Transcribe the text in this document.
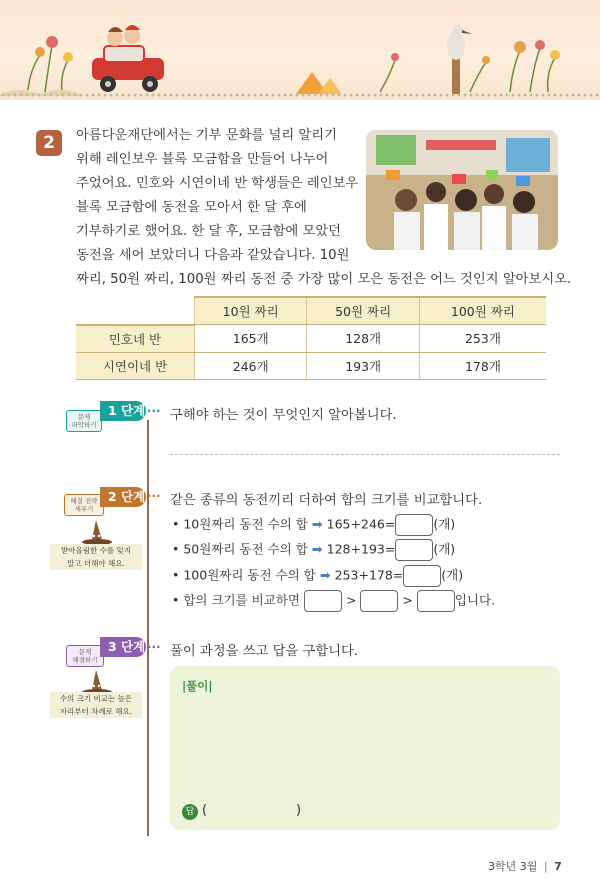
2	아름다운재단에서는 기부 문화를 널리 알리기
위해 레인보우 블록 모금함을 만들어 나누어
주었어요. 민호와 시연이네 반 학생들은 레인보우
블록 모금함에 동전을 모아서 한 달 후에
기부하기로 했어요. 한 달 후, 모금함에 모았던
동전을 세어 보았더니 다음과 같았습니다. 10원
짜리, 50원 짜리, 100원 짜리 동전 중 가장 많이 모은 동전은 어느 것인지 알아보시오.
	10원 짜리	50원 짜리	100원 짜리
민호네 반	165개	128개	253개
시연이네 반	246개	193개	178개
문제
파악하기
1 단계 ··· 구해야 하는 것이 무엇인지 알아봅니다.
해결 전략
세우기
2 단계 ··· 같은 종류의 동전끼리 더하여 합의 크기를 비교합니다.
받아올림한 수를 잊지
말고 더해야 해요.
• 10원짜리 동전 수의 합 ➡ 165+246=	(개)
• 50원짜리 동전 수의 합 ➡ 128+193=	(개)
• 100원짜리 동전 수의 합 ➡ 253+178=	(개)
• 합의 크기를 비교하면	>	>	입니다.
문제
해결하기
3 단계 ··· 풀이 과정을 쓰고 답을 구합니다.
수의 크기 비교는 높은
자리부터 차례로 해요.
|풀이|
답 (	)
3학년 3월 | 7
